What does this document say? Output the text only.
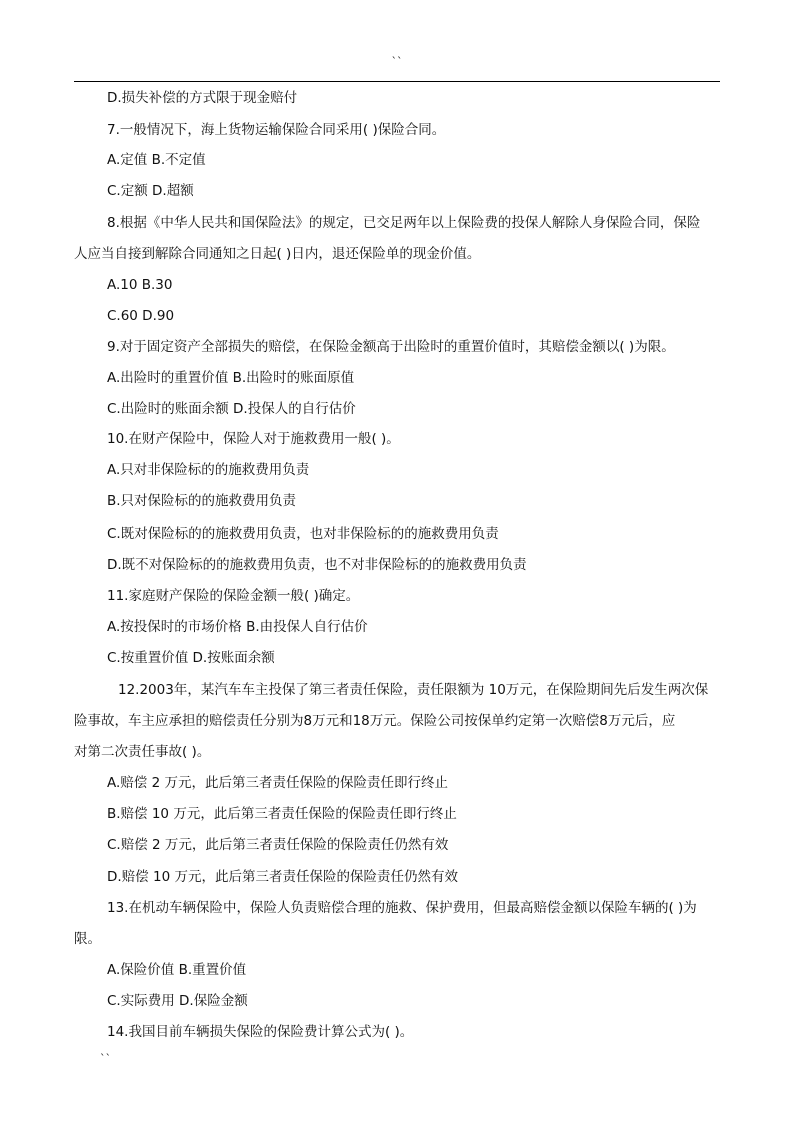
``
D.损失补偿的方式限于现金赔付
7.一般情况下，海上货物运输保险合同采用( )保险合同。
A.定值 B.不定值
C.定额 D.超额
8.根据《中华人民共和国保险法》的规定，已交足两年以上保险费的投保人解除人身保险合同，保险
人应当自接到解除合同通知之日起( )日内，退还保险单的现金价值。
A.10 B.30
C.60 D.90
9.对于固定资产全部损失的赔偿，在保险金额高于出险时的重置价值时，其赔偿金额以( )为限。
A.出险时的重置价值 B.出险时的账面原值
C.出险时的账面余额 D.投保人的自行估价
10.在财产保险中，保险人对于施救费用一般( )。
A.只对非保险标的的施救费用负责
B.只对保险标的的施救费用负责
C.既对保险标的的施救费用负责，也对非保险标的的施救费用负责
D.既不对保险标的的施救费用负责，也不对非保险标的的施救费用负责
11.家庭财产保险的保险金额一般( )确定。
A.按投保时的市场价格 B.由投保人自行估价
C.按重置价值 D.按账面余额
12.2003年，某汽车车主投保了第三者责任保险，责任限额为 10万元，在保险期间先后发生两次保
险事故，车主应承担的赔偿责任分别为8万元和18万元。保险公司按保单约定第一次赔偿8万元后，应
对第二次责任事故( )。
A.赔偿 2 万元，此后第三者责任保险的保险责任即行终止
B.赔偿 10 万元，此后第三者责任保险的保险责任即行终止
C.赔偿 2 万元，此后第三者责任保险的保险责任仍然有效
D.赔偿 10 万元，此后第三者责任保险的保险责任仍然有效
13.在机动车辆保险中，保险人负责赔偿合理的施救、保护费用，但最高赔偿金额以保险车辆的( )为
限。
A.保险价值 B.重置价值
C.实际费用 D.保险金额
14.我国目前车辆损失保险的保险费计算公式为( )。
``
